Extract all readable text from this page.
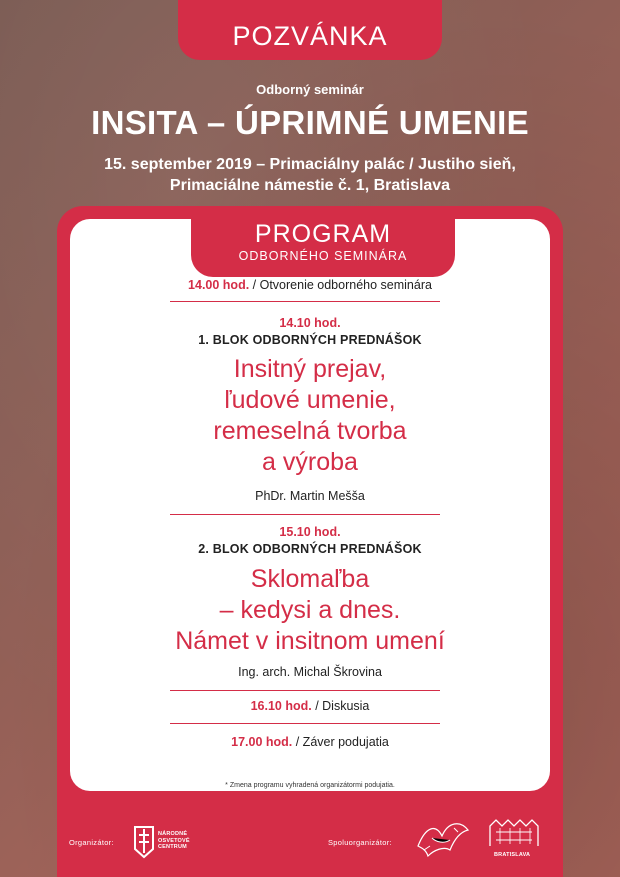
POZVÁNKA
Odborný seminár
INSITA – ÚPRIMNÉ UMENIE
15. september 2019 – Primaciálny palác / Justiho sieň,
Primaciálne námestie č. 1, Bratislava
PROGRAM
ODBORNÉHO SEMINÁRA
14.00 hod. / Otvorenie odborného seminára
14.10 hod.
1. BLOK ODBORNÝCH PREDNÁŠOK
Insitný prejav,
ľudové umenie,
remeselná tvorba
a výroba
PhDr. Martin Meššа
15.10 hod.
2. BLOK ODBORNÝCH PREDNÁŠOK
Sklomaľba
– kedysi a dnes.
Námet v insitnom umení
Ing. arch. Michal Škrovina
16.10 hod. / Diskusia
17.00 hod. / Záver podujatia
* Zmena programu vyhradená organizátormi podujatia.
Organizátor:
NÁRODNÉ
OSVETOVÉ
CENTRUM	Spoluorganizátor:
BRATISLAVA
